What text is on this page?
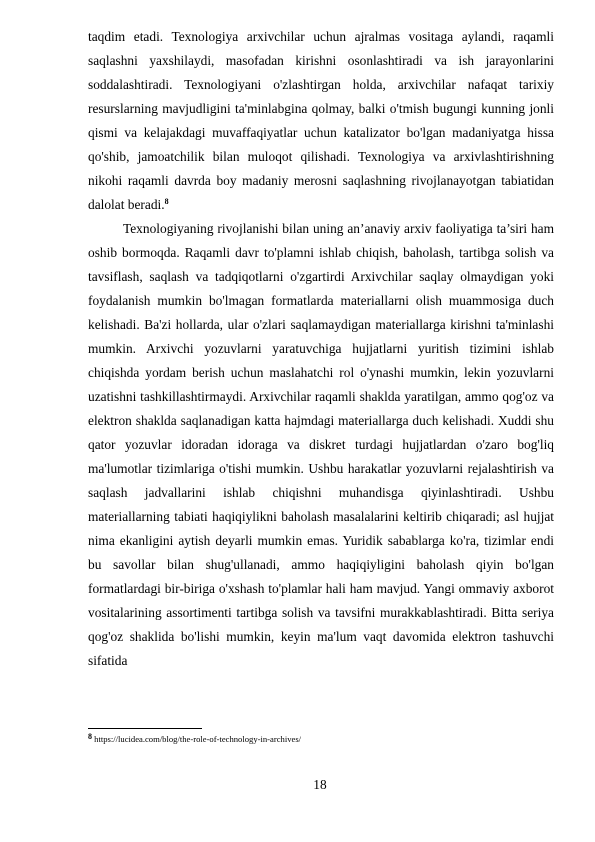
taqdim etadi. Texnologiya arxivchilar uchun ajralmas vositaga aylandi, raqamli saqlashni yaxshilaydi, masofadan kirishni osonlashtiradi va ish jarayonlarini soddalashtiradi. Texnologiyani o'zlashtirgan holda, arxivchilar nafaqat tarixiy resurslarning mavjudligini ta'minlabgina qolmay, balki o'tmish bugungi kunning jonli qismi va kelajakdagi muvaffaqiyatlar uchun katalizator bo'lgan madaniyatga hissa qo'shib, jamoatchilik bilan muloqot qilishadi. Texnologiya va arxivlashtirishning nikohi raqamli davrda boy madaniy merosni saqlashning rivojlanayotgan tabiatidan dalolat beradi.$^8$

Texnologiyaning rivojlanishi bilan uning an’anaviy arxiv faoliyatiga ta’siri ham oshib bormoqda. Raqamli davr to'plamni ishlab chiqish, baholash, tartibga solish va tavsiflash, saqlash va tadqiqotlarni o'zgartirdi Arxivchilar saqlay olmaydigan yoki foydalanish mumkin bo'lmagan formatlarda materiallarni olish muammosiga duch kelishadi. Ba'zi hollarda, ular o'zlari saqlamaydigan materiallarga kirishni ta'minlashi mumkin. Arxivchi yozuvlarni yaratuvchiga hujjatlarni yuritish tizimini ishlab chiqishda yordam berish uchun maslahatchi rol o'ynashi mumkin, lekin yozuvlarni uzatishni tashkillashtirmaydi. Arxivchilar raqamli shaklda yaratilgan, ammo qog'oz va elektron shaklda saqlanadigan katta hajmdagi materiallarga duch kelishadi. Xuddi shu qator yozuvlar idoradan idoraga va diskret turdagi hujjatlardan o'zaro bog'liq ma'lumotlar tizimlariga o'tishi mumkin. Ushbu harakatlar yozuvlarni rejalashtirish va saqlash jadvallarini ishlab chiqishni muhandisga qiyinlashtiradi. Ushbu materiallarning tabiati haqiqiylikni baholash masalalarini keltirib chiqaradi; asl hujjat nima ekanligini aytish deyarli mumkin emas. Yuridik sabablarga ko'ra, tizimlar endi bu savollar bilan shug'ullanadi, ammo haqiqiyligini baholash qiyin bo'lgan formatlardagi bir-biriga o'xshash to'plamlar hali ham mavjud. Yangi ommaviy axborot vositalarining assortimenti tartibga solish va tavsifni murakkablashtiradi. Bitta seriya qog'oz shaklida bo'lishi mumkin, keyin ma'lum vaqt davomida elektron tashuvchi sifatida

$^8$ https://lucidea.com/blog/the-role-of-technology-in-archives/
18
